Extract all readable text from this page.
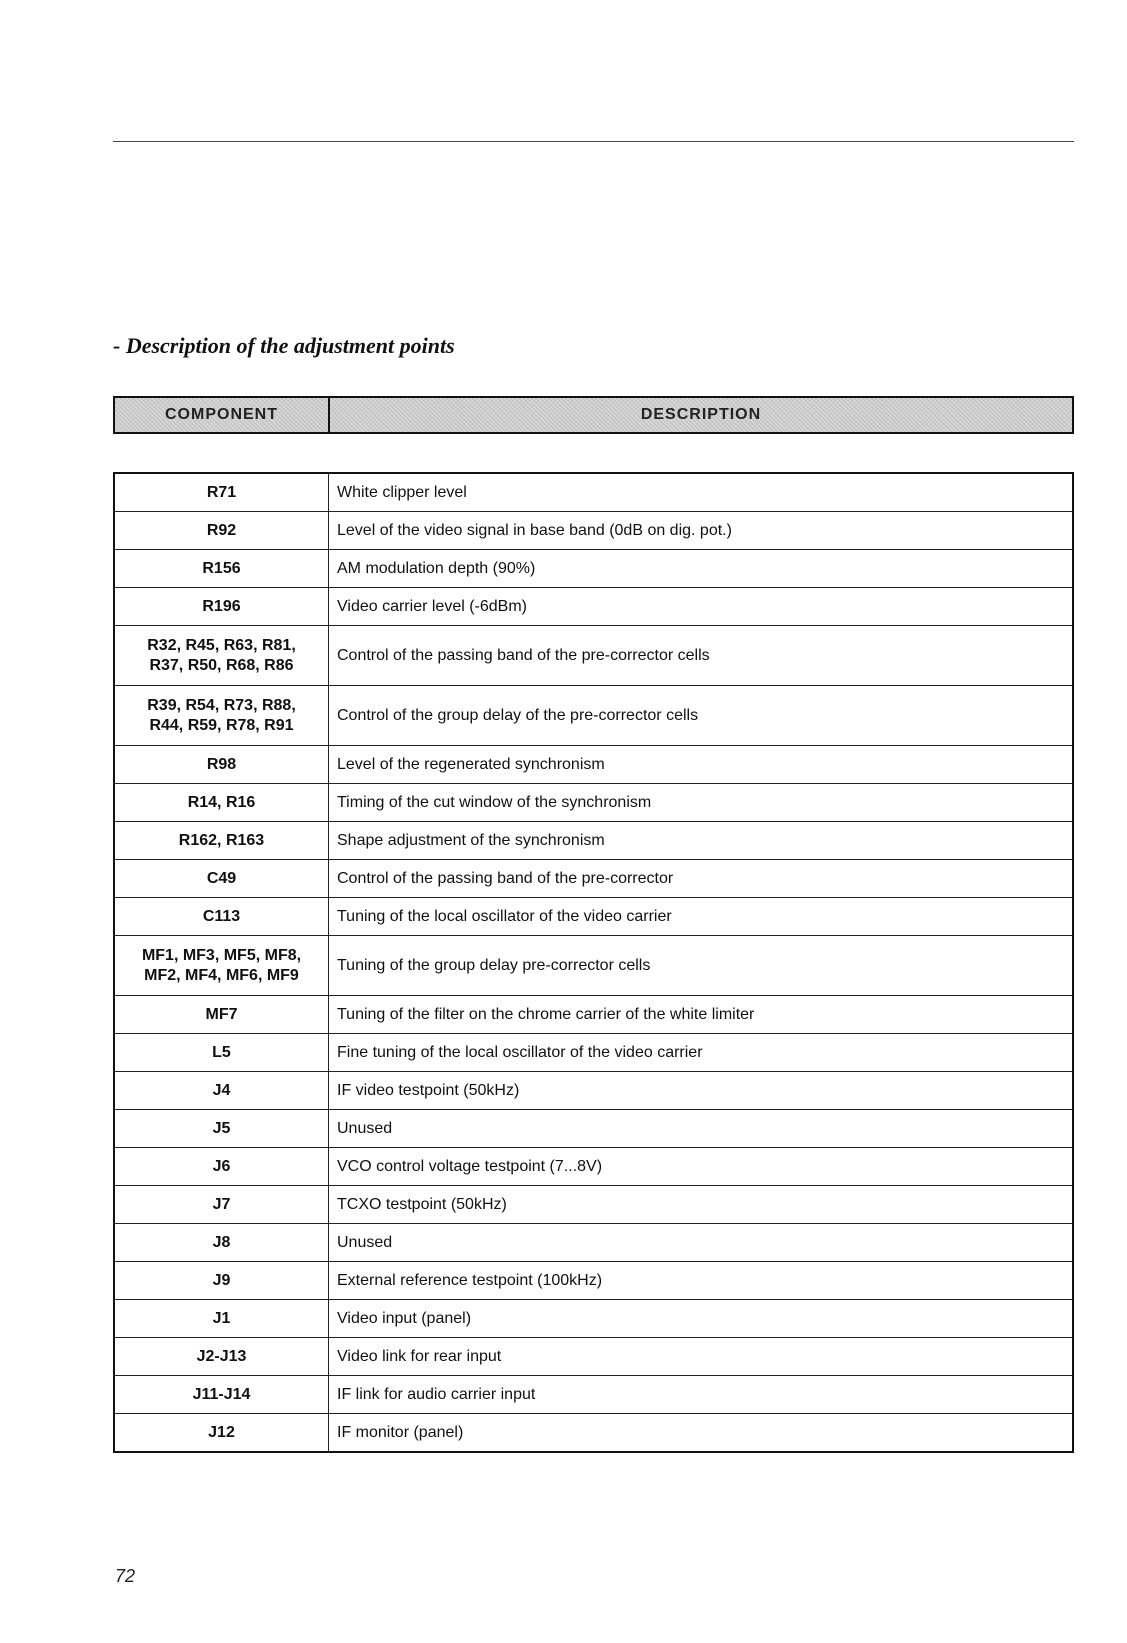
- Description of the adjustment points
COMPONENT	DESCRIPTION
R71	White clipper level
R92	Level of the video signal in base band (0dB on dig. pot.)
R156	AM modulation depth (90%)
R196	Video carrier level (-6dBm)
R32, R45, R63, R81,
R37, R50, R68, R86	Control of the passing band of the pre-corrector cells
R39, R54, R73, R88,
R44, R59, R78, R91	Control of the group delay of the pre-corrector cells
R98	Level of the regenerated synchronism
R14, R16	Timing of the cut window of the synchronism
R162, R163	Shape adjustment of the synchronism
C49	Control of the passing band of the pre-corrector
C113	Tuning of the local oscillator of the video carrier
MF1, MF3, MF5, MF8,
MF2, MF4, MF6, MF9	Tuning of the group delay pre-corrector cells
MF7	Tuning of the filter on the chrome carrier of the white limiter
L5	Fine tuning of the local oscillator of the video carrier
J4	IF video testpoint (50kHz)
J5	Unused
J6	VCO control voltage testpoint (7...8V)
J7	TCXO testpoint (50kHz)
J8	Unused
J9	External reference testpoint (100kHz)
J1	Video input (panel)
J2-J13	Video link for rear input
J11-J14	IF link for audio carrier input
J12	IF monitor (panel)
72
